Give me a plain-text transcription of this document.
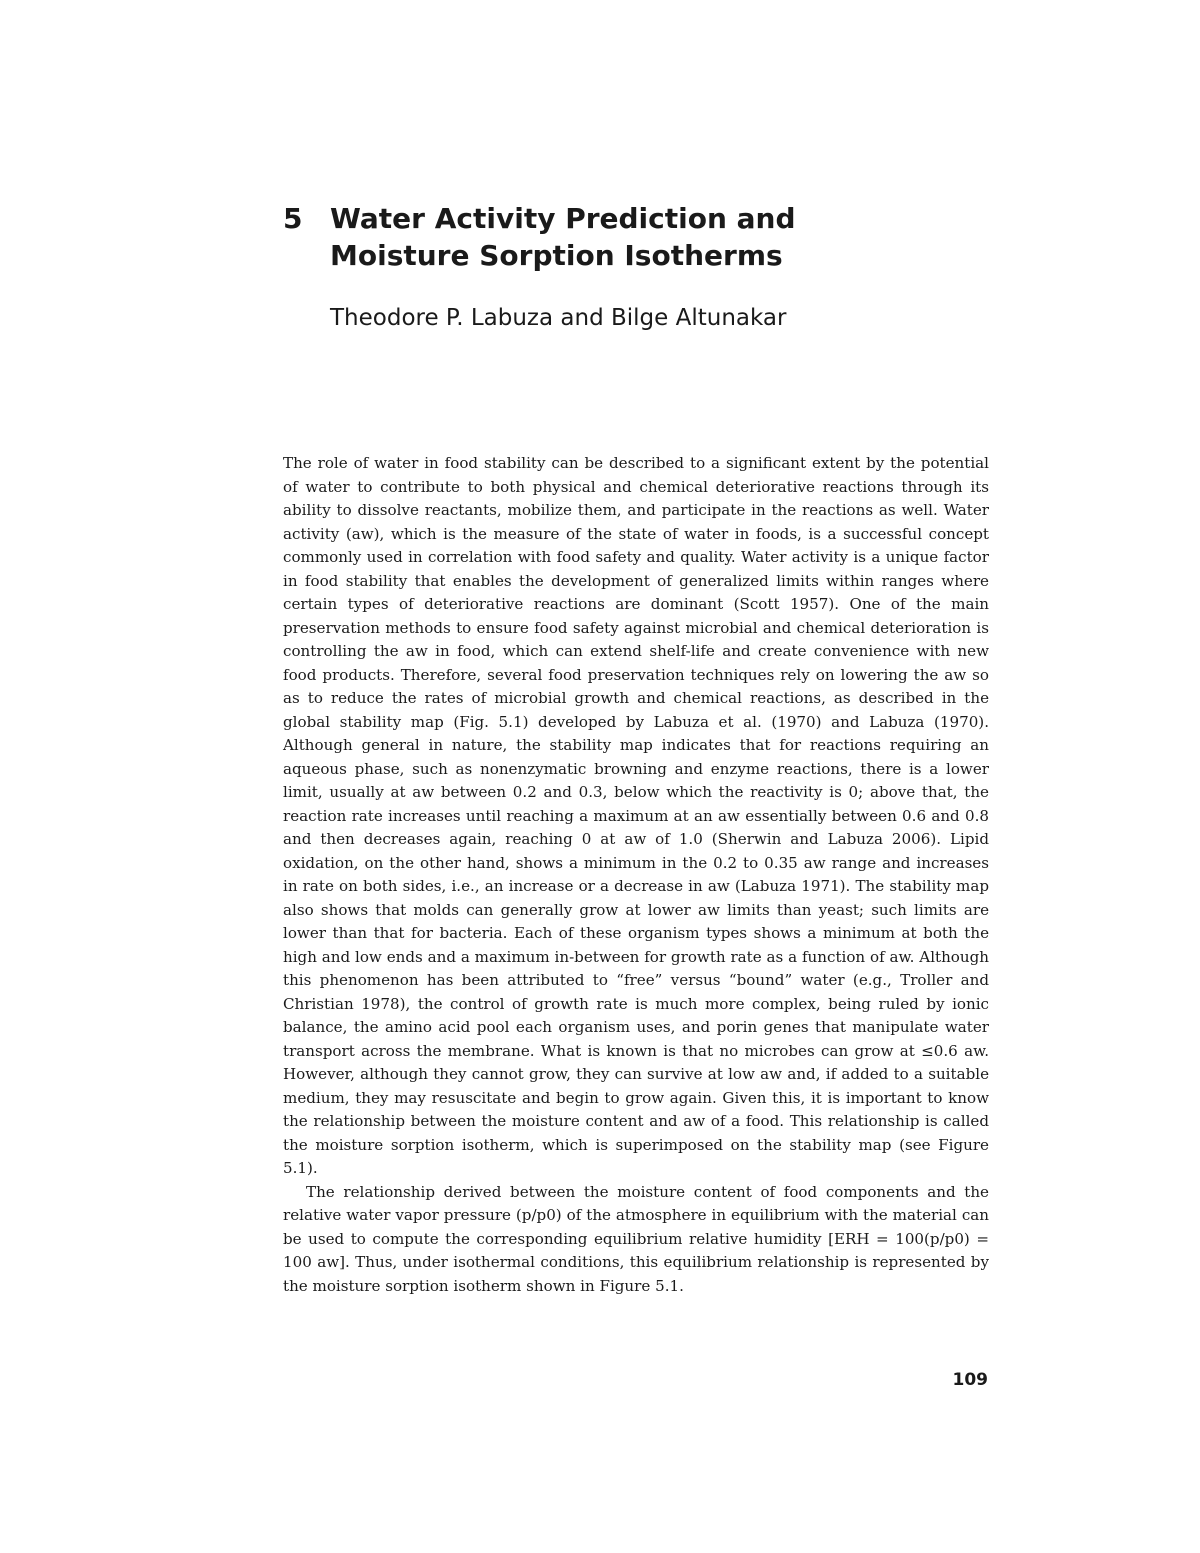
5 Water Activity Prediction and
Moisture Sorption Isotherms
Theodore P. Labuza and Bilge Altunakar

The role of water in food stability can be described to a significant extent by the potential of water to contribute to both physical and chemical deteriorative reactions through its ability to dissolve reactants, mobilize them, and participate in the reactions as well. Water activity (aw), which is the measure of the state of water in foods, is a successful concept commonly used in correlation with food safety and quality. Water activity is a unique factor in food stability that enables the development of generalized limits within ranges where certain types of deteriorative reactions are dominant (Scott 1957). One of the main preservation methods to ensure food safety against microbial and chemical deterioration is controlling the aw in food, which can extend shelf-life and create convenience with new food products. Therefore, several food preservation techniques rely on lowering the aw so as to reduce the rates of microbial growth and chemical reactions, as described in the global stability map (Fig. 5.1) developed by Labuza et al. (1970) and Labuza (1970). Although general in nature, the stability map indicates that for reactions requiring an aqueous phase, such as nonenzymatic browning and enzyme reactions, there is a lower limit, usually at aw between 0.2 and 0.3, below which the reactivity is 0; above that, the reaction rate increases until reaching a maximum at an aw essentially between 0.6 and 0.8 and then decreases again, reaching 0 at aw of 1.0 (Sherwin and Labuza 2006). Lipid oxidation, on the other hand, shows a minimum in the 0.2 to 0.35 aw range and increases in rate on both sides, i.e., an increase or a decrease in aw (Labuza 1971). The stability map also shows that molds can generally grow at lower aw limits than yeast; such limits are lower than that for bacteria. Each of these organism types shows a minimum at both the high and low ends and a maximum in-between for growth rate as a function of aw. Although this phenomenon has been attributed to “free” versus “bound” water (e.g., Troller and Christian 1978), the control of growth rate is much more complex, being ruled by ionic balance, the amino acid pool each organism uses, and porin genes that manipulate water transport across the membrane. What is known is that no microbes can grow at ≤0.6 aw. However, although they cannot grow, they can survive at low aw and, if added to a suitable medium, they may resuscitate and begin to grow again. Given this, it is important to know the relationship between the moisture content and aw of a food. This relationship is called the moisture sorption isotherm, which is superimposed on the stability map (see Figure 5.1).

The relationship derived between the moisture content of food components and the relative water vapor pressure (p/p0) of the atmosphere in equilibrium with the material can be used to compute the corresponding equilibrium relative humidity [ERH = 100(p/p0) = 100 aw]. Thus, under isothermal conditions, this equilibrium relationship is represented by the moisture sorption isotherm shown in Figure 5.1.

109
